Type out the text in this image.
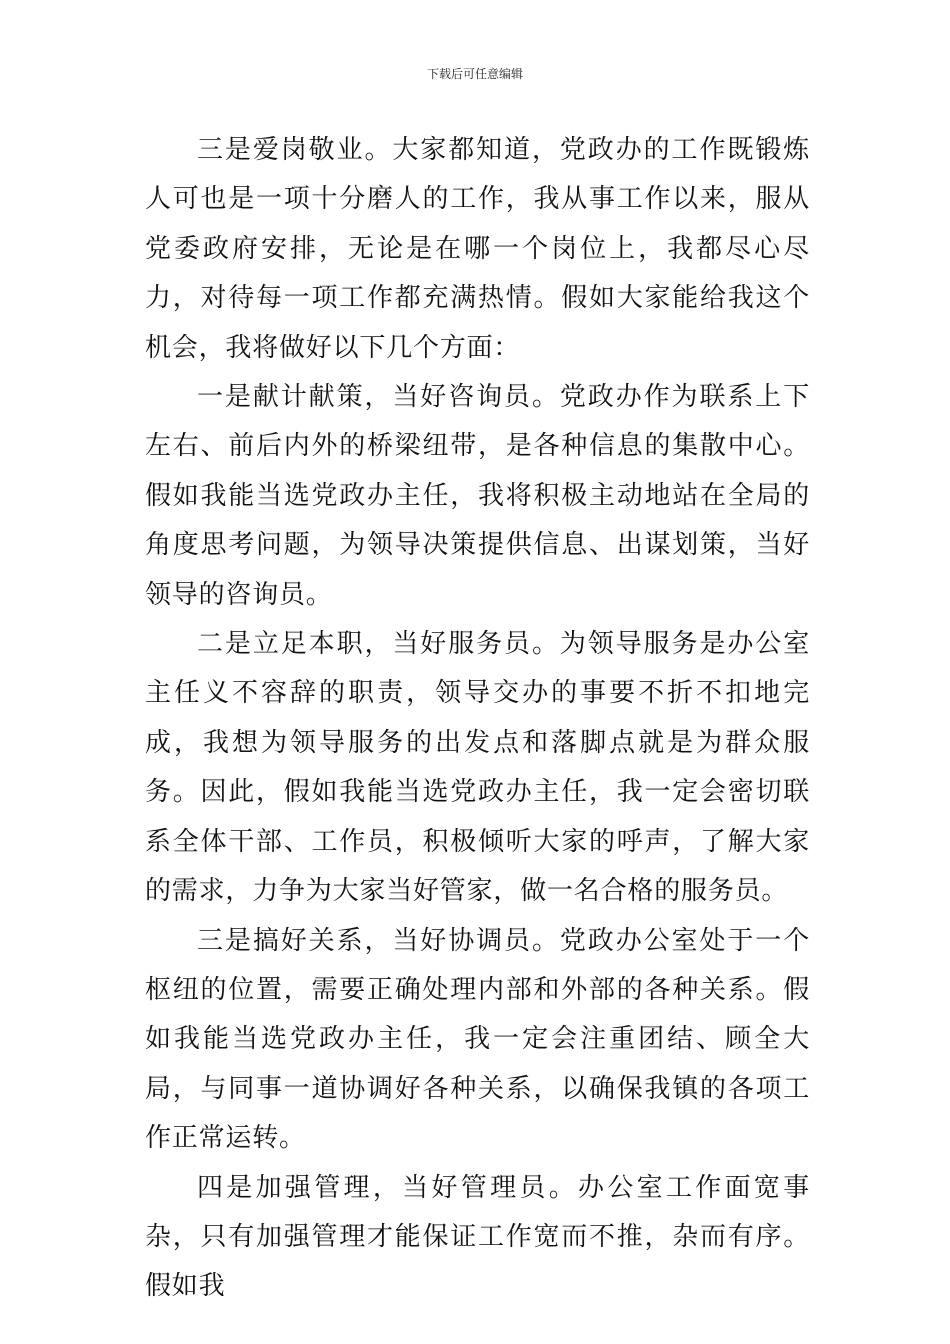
下载后可任意编辑

三是爱岗敬业。大家都知道，党政办的工作既锻炼人可也是一项十分磨人的工作，我从事工作以来，服从党委政府安排，无论是在哪一个岗位上，我都尽心尽力，对待每一项工作都充满热情。假如大家能给我这个机会，我将做好以下几个方面：

一是献计献策，当好咨询员。党政办作为联系上下左右、前后内外的桥梁纽带，是各种信息的集散中心。假如我能当选党政办主任，我将积极主动地站在全局的角度思考问题，为领导决策提供信息、出谋划策，当好领导的咨询员。

二是立足本职，当好服务员。为领导服务是办公室主任义不容辞的职责，领导交办的事要不折不扣地完成，我想为领导服务的出发点和落脚点就是为群众服务。因此，假如我能当选党政办主任，我一定会密切联系全体干部、工作员，积极倾听大家的呼声，了解大家的需求，力争为大家当好管家，做一名合格的服务员。

三是搞好关系，当好协调员。党政办公室处于一个枢纽的位置，需要正确处理内部和外部的各种关系。假如我能当选党政办主任，我一定会注重团结、顾全大局，与同事一道协调好各种关系，以确保我镇的各项工作正常运转。

四是加强管理，当好管理员。办公室工作面宽事杂，只有加强管理才能保证工作宽而不推，杂而有序。假如我
